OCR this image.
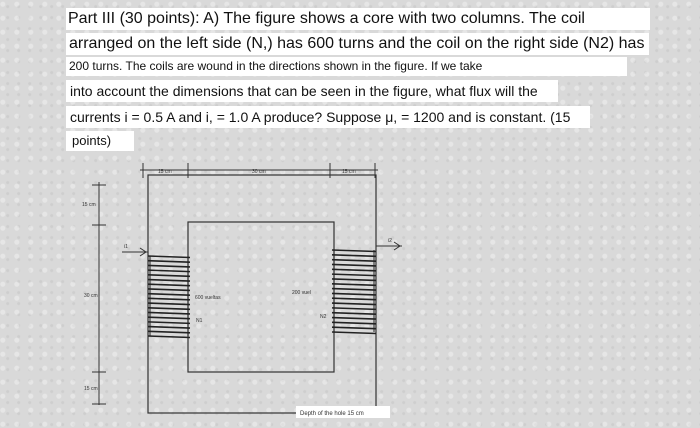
Part III (30 points): A) The figure shows a core with two columns. The coil
arranged on the left side (N,) has 600 turns and the coil on the right side (N2) has
200 turns. The coils are wound in the directions shown in the figure. If we take
into account the dimensions that can be seen in the figure, what flux will the
currents i = 0.5 A and i, = 1.0 A produce? Suppose μ, = 1200 and is constant. (15
points)
15 cm	30 cm	15 cm
15 cm
30 cm
15 cm
i1
i2
600 vueltas
200 vuel
N1
N2
Depth of the hole 15 cm
